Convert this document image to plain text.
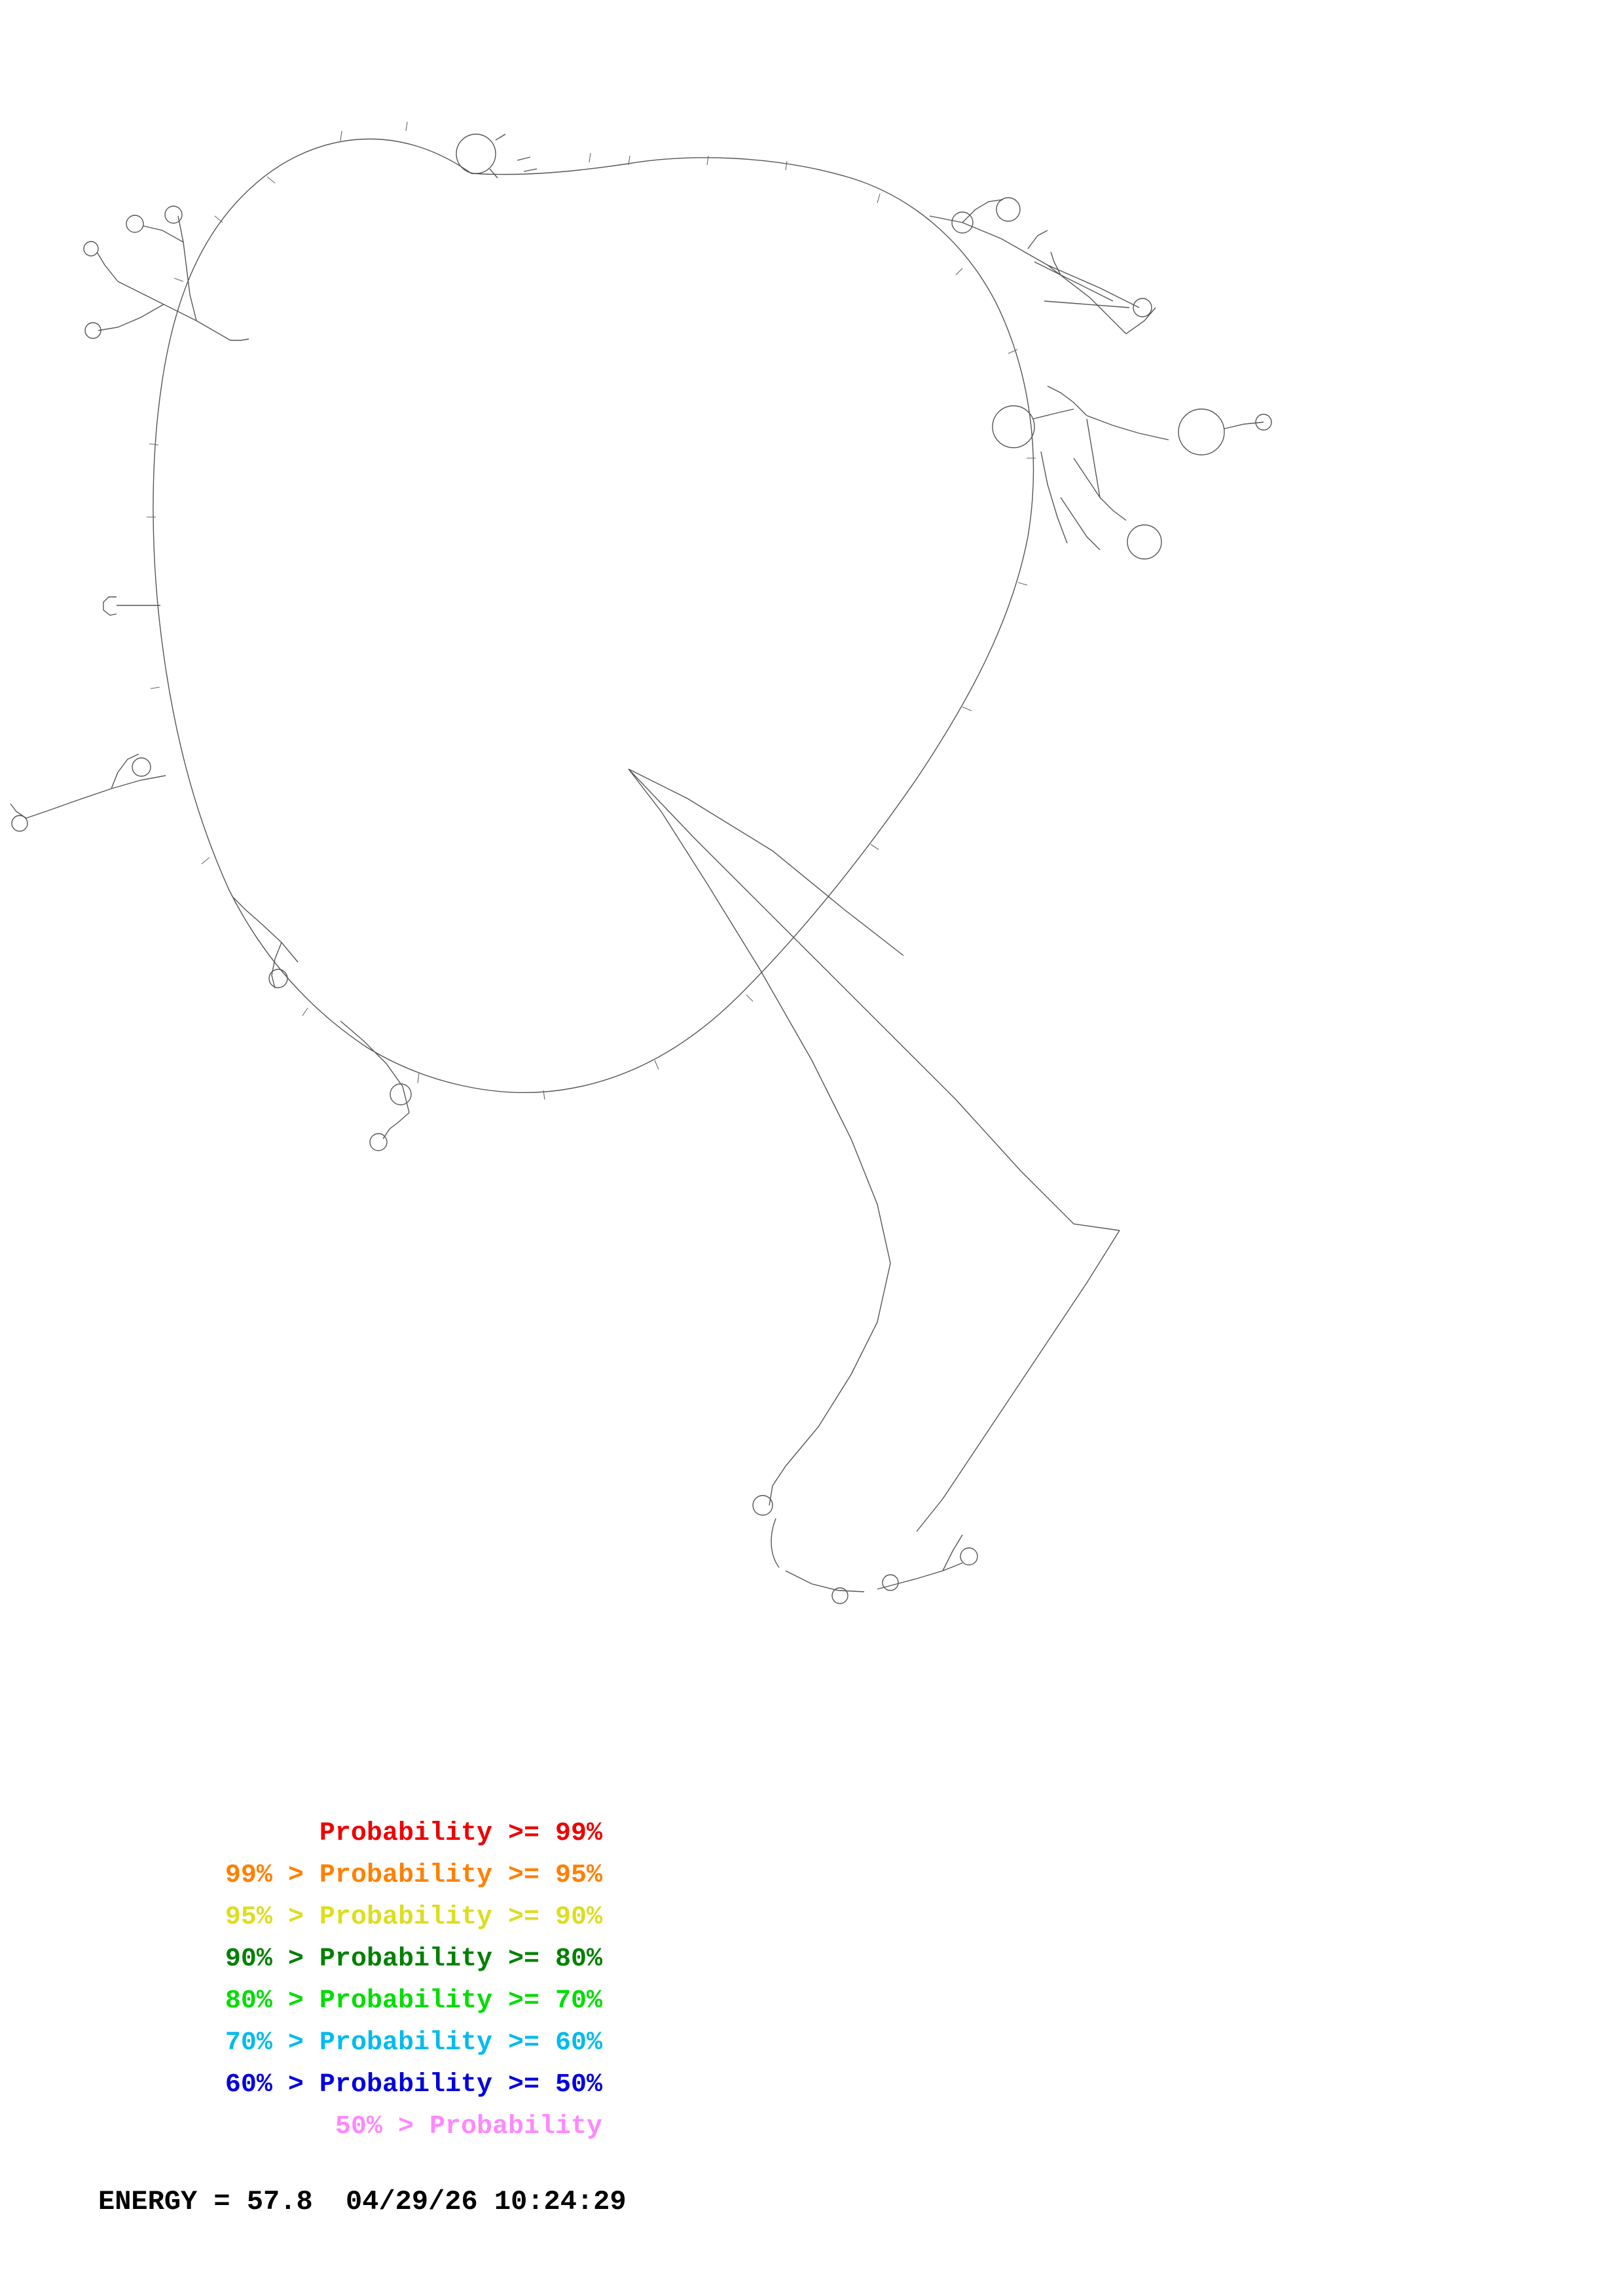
Probability >= 99%
99% > Probability >= 95%
95% > Probability >= 90%
90% > Probability >= 80%
80% > Probability >= 70%
70% > Probability >= 60%
60% > Probability >= 50%
50% > Probability
ENERGY = 57.8  04/29/26 10:24:29
